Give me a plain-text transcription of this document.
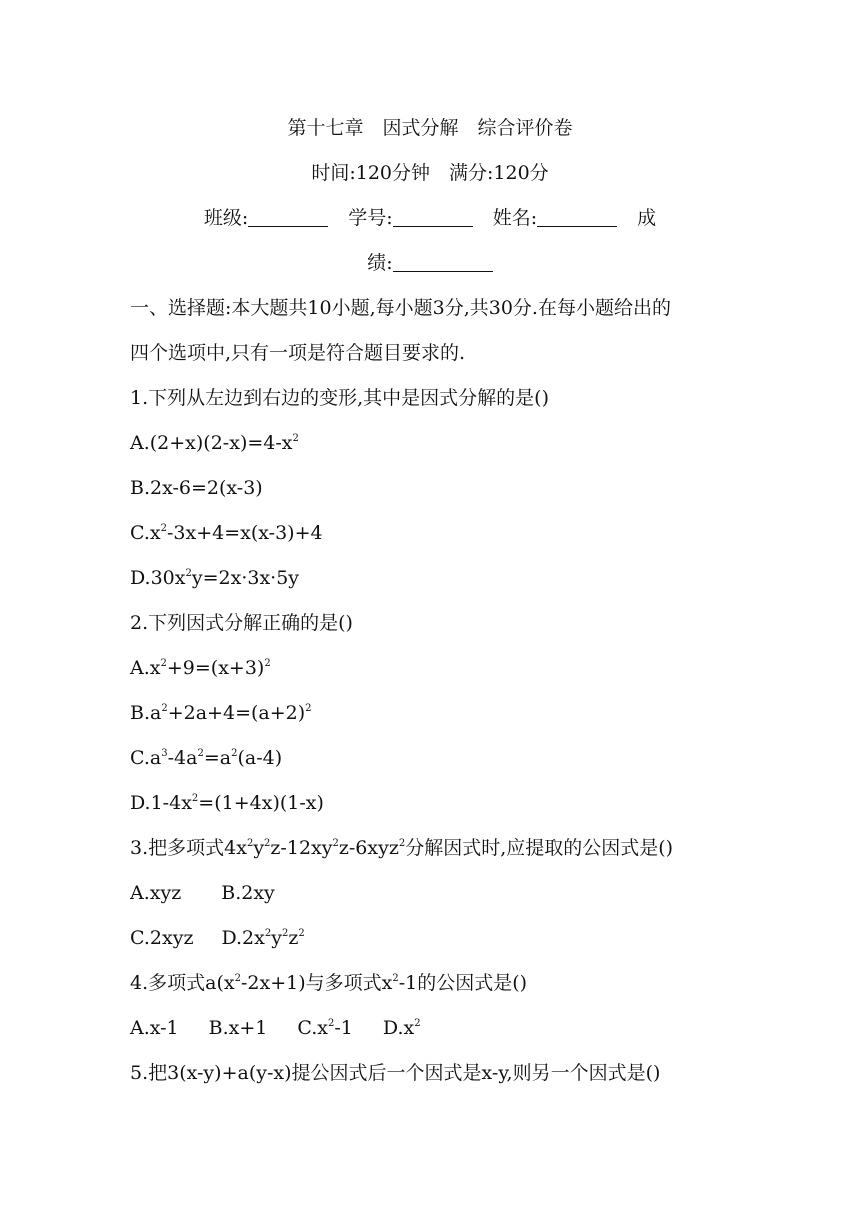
第十七章　因式分解　综合评价卷
时间:120分钟　满分:120分
班级:	学号:	姓名:	成
绩:
一、选择题:本大题共10小题,每小题3分,共30分.在每小题给出的
四个选项中,只有一项是符合题目要求的.
1.下列从左边到右边的变形,其中是因式分解的是()
$A.(2+x)(2-x)=4-x^2$
B.2x-6=2(x-3)
$C.x^2-3x+4=x(x-3)+4$
$D.30x^2y=2x\cdot 3x\cdot 5y$
2.下列因式分解正确的是()
$A.x^2+9=(x+3)^2$
$B.a^2+2a+4=(a+2)^2$
$C.a^3-4a^2=a^2(a-4)$
$D.1-4x^2=(1+4x)(1-x)$
3.把多项式$4x^2y^2z-12xy^2z-6xyz^2$分解因式时,应提取的公因式是()
A.xyz B.2xy
C.2xyz $D.2x^2y^2z^2$
4.多项式$a(x^2-2x+1)$与多项式$x^2-1$的公因式是()
A.x-1 B.x+1 $C.x^2-1$ $D.x^2$
5.把3(x-y)+a(y-x)提公因式后一个因式是x-y,则另一个因式是()
